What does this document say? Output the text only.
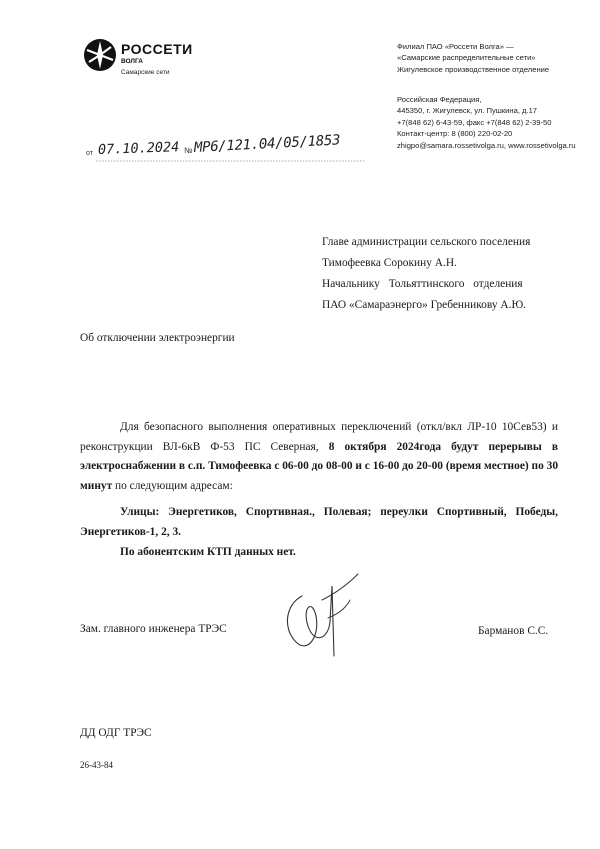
РОССЕТИ
ВОЛГА
Самарские сети
Филиал ПАО «Россети Волга» —
«Самарские распределительные сети»
Жигулевское производственное отделение
Российская Федерация,
445350, г. Жигулевск, ул. Пушкина, д.17
+7(848 62) 6-43-59, факс +7(848 62) 2-39-50
Контакт-центр: 8 (800) 220-02-20
zhigpo@samara.rossetivolga.ru, www.rossetivolga.ru
от 07.10.2024 № МР6/121.04/05/1853
Главе администрации сельского поселения
Тимофеевка Сорокину А.Н.
Начальнику Тольяттинского отделения
ПАО «Самараэнерго» Гребенникову А.Ю.
Об отключении электроэнергии

Для безопасного выполнения оперативных переключений (откл/вкл ЛР-10 10Сев53) и реконструкции ВЛ-6кВ Ф-53 ПС Северная, 8 октября 2024года будут перерывы в электроснабжении в с.п. Тимофеевка с 06-00 до 08-00 и с 16-00 до 20-00 (время местное) по 30 минут по следующим адресам:

Улицы: Энергетиков, Спортивная., Полевая; переулки Спортивный, Победы, Энергетиков-1, 2, 3.
По абонентским КТП данных нет.
Зам. главного инженера ТРЭС	Барманов С.С.
ДД ОДГ ТРЭС
26-43-84
